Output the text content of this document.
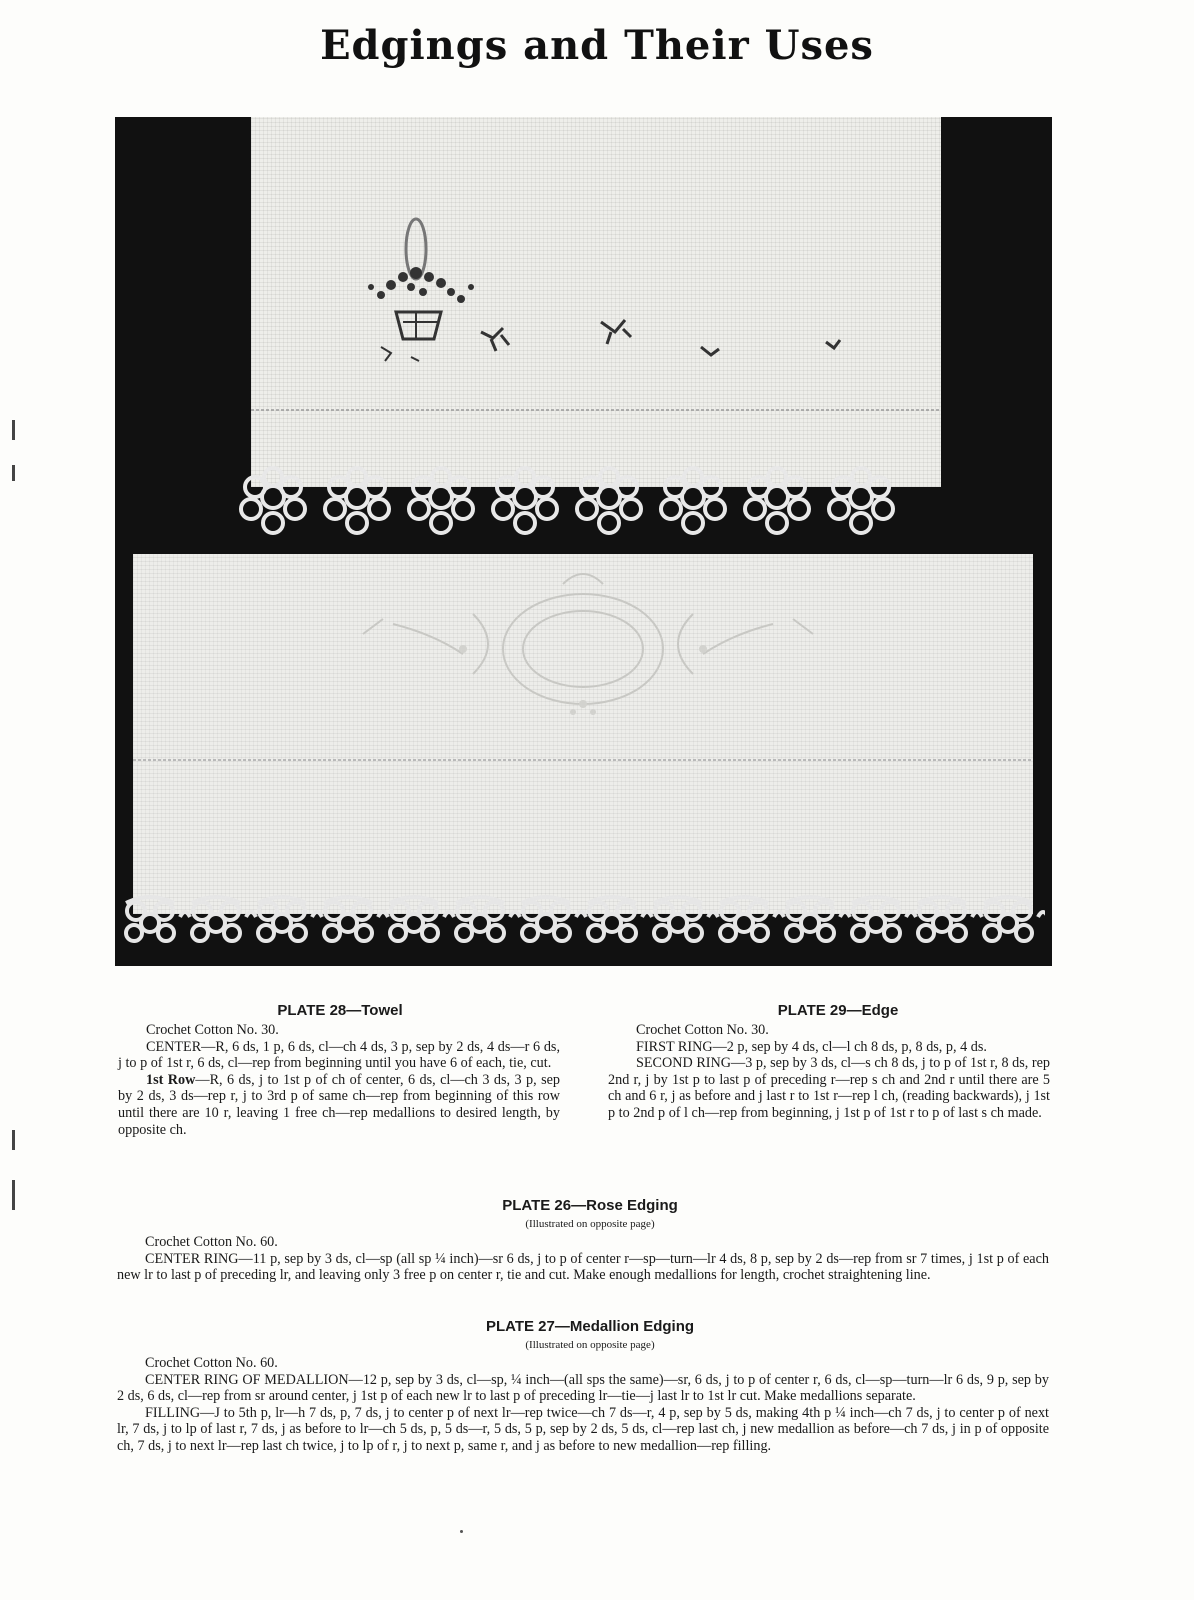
Edgings and Their Uses
PLATE 28—Towel

Crochet Cotton No. 30.

CENTER—R, 6 ds, 1 p, 6 ds, cl—ch 4 ds, 3 p, sep by 2 ds, 4 ds—r 6 ds, j to p of 1st r, 6 ds, cl—rep from beginning until you have 6 of each, tie, cut.

1st Row—R, 6 ds, j to 1st p of ch of center, 6 ds, cl—ch 3 ds, 3 p, sep by 2 ds, 3 ds—rep r, j to 3rd p of same ch—rep from beginning of this row until there are 10 r, leaving 1 free ch—rep medallions to desired length, by opposite ch.

PLATE 29—Edge

Crochet Cotton No. 30.

FIRST RING—2 p, sep by 4 ds, cl—l ch 8 ds, p, 8 ds, p, 4 ds.

SECOND RING—3 p, sep by 3 ds, cl—s ch 8 ds, j to p of 1st r, 8 ds, rep 2nd r, j by 1st p to last p of preceding r—rep s ch and 2nd r until there are 5 ch and 6 r, j as before and j last r to 1st r—rep l ch, (reading backwards), j 1st p to 2nd p of l ch—rep from beginning, j 1st p of 1st r to p of last s ch made.

PLATE 26—Rose Edging
(Illustrated on opposite page)

Crochet Cotton No. 60.

CENTER RING—11 p, sep by 3 ds, cl—sp (all sp ¼ inch)—sr 6 ds, j to p of center r—sp—turn—lr 4 ds, 8 p, sep by 2 ds—rep from sr 7 times, j 1st p of each new lr to last p of preceding lr, and leaving only 3 free p on center r, tie and cut. Make enough medallions for length, crochet straightening line.

PLATE 27—Medallion Edging
(Illustrated on opposite page)

Crochet Cotton No. 60.

CENTER RING OF MEDALLION—12 p, sep by 3 ds, cl—sp, ¼ inch—(all sps the same)—sr, 6 ds, j to p of center r, 6 ds, cl—sp—turn—lr 6 ds, 9 p, sep by 2 ds, 6 ds, cl—rep from sr around center, j 1st p of each new lr to last p of preceding lr—tie—j last lr to 1st lr cut. Make medallions separate.

FILLING—J to 5th p, lr—h 7 ds, p, 7 ds, j to center p of next lr—rep twice—ch 7 ds—r, 4 p, sep by 5 ds, making 4th p ¼ inch—ch 7 ds, j to center p of next lr, 7 ds, j to lp of last r, 7 ds, j as before to lr—ch 5 ds, p, 5 ds—r, 5 ds, 5 p, sep by 2 ds, 5 ds, cl—rep last ch, j new medallion as before—ch 7 ds, j in p of opposite ch, 7 ds, j to next lr—rep last ch twice, j to lp of r, j to next p, same r, and j as before to new medallion—rep filling.
